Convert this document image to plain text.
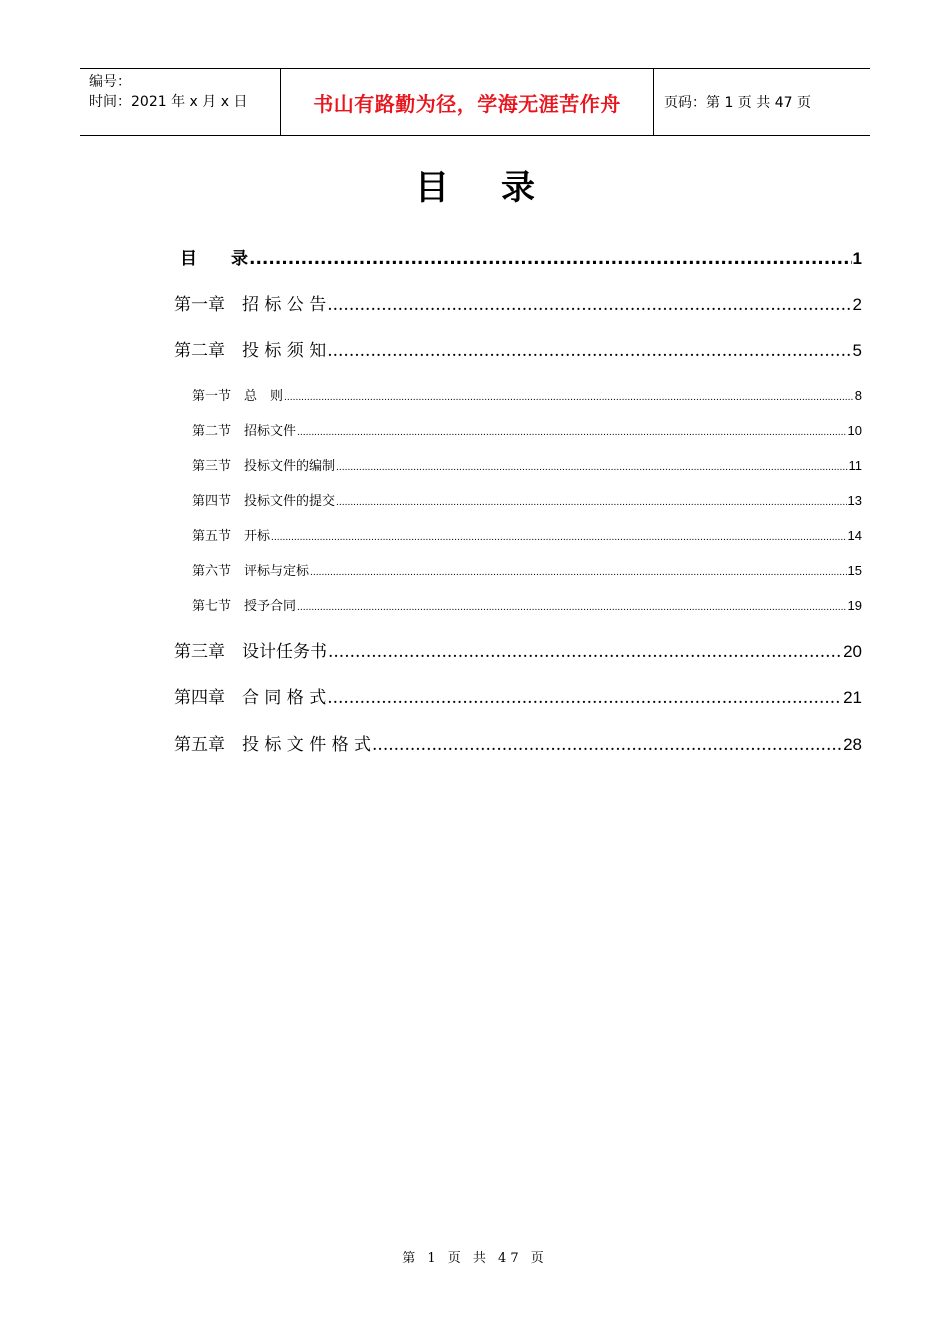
编号：
时间：2021 年 x 月 x 日	书山有路勤为径，学海无涯苦作舟	页码：第 1 页 共 47 页
目录
目　　录 .....	1
第一章　招 标 公 告 .....	2
第二章　投 标 须 知 .....	5
第一节　总　则 .....	8
第二节　招标文件 .....	10
第三节　投标文件的编制 .....	11
第四节　投标文件的提交 .....	13
第五节　开标 .....	14
第六节　评标与定标 .....	15
第七节　授予合同 .....	19
第三章　设计任务书 .....	20
第四章　合 同 格 式 .....	21
第五章　投 标 文 件 格 式 .....	28
第 1 页 共 47 页
